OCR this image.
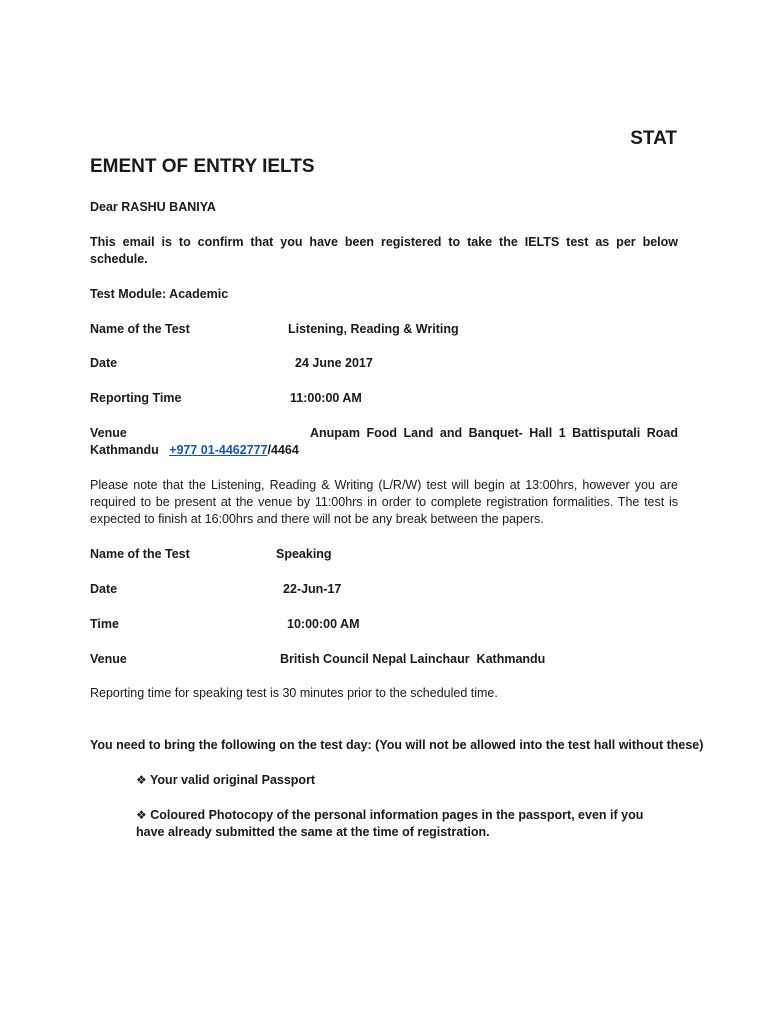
STAT
EMENT OF ENTRY IELTS
Dear RASHU BANIYA
This email is to confirm that you have been registered to take the IELTS test as per below schedule.
Test Module: Academic
Name of the Test	Listening, Reading & Writing
Date	24 June 2017
Reporting Time	11:00:00 AM
Venue	Anupam Food Land and Banquet- Hall 1 Battisputali Road
Kathmandu +977 01-4462777/4464
Please note that the Listening, Reading & Writing (L/R/W) test will begin at 13:00hrs, however you are required to be present at the venue by 11:00hrs in order to complete registration formalities. The test is expected to finish at 16:00hrs and there will not be any break between the papers.
Name of the Test	Speaking
Date	22-Jun-17
Time	10:00:00 AM
Venue	British Council Nepal Lainchaur  Kathmandu
Reporting time for speaking test is 30 minutes prior to the scheduled time.
You need to bring the following on the test day: (You will not be allowed into the test hall without these)
❖ Your valid original Passport
❖ Coloured Photocopy of the personal information pages in the passport, even if you have already submitted the same at the time of registration.
